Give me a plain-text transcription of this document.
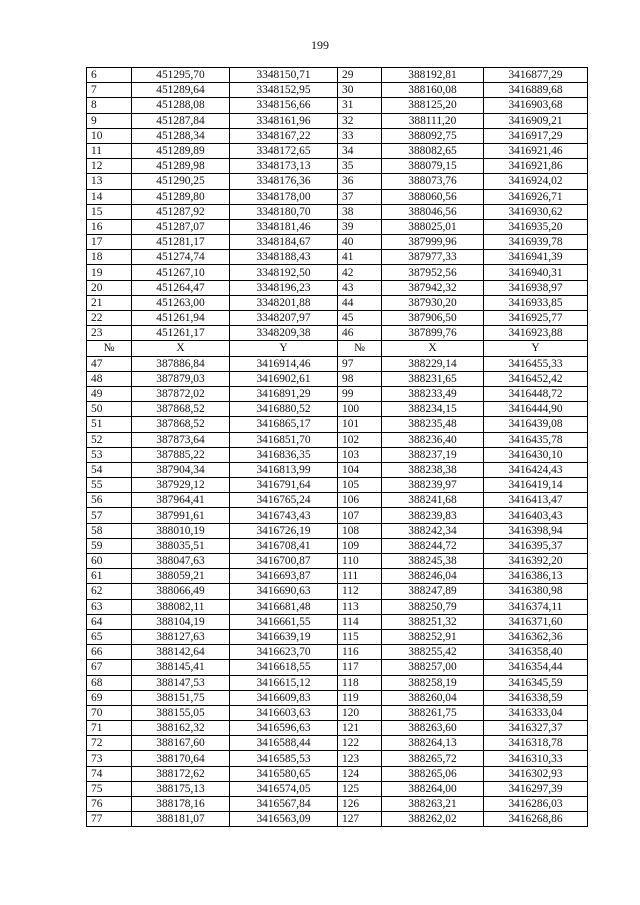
199
6	451295,70	3348150,71	29	388192,81	3416877,29
7	451289,64	3348152,95	30	388160,08	3416889,68
8	451288,08	3348156,66	31	388125,20	3416903,68
9	451287,84	3348161,96	32	388111,20	3416909,21
10	451288,34	3348167,22	33	388092,75	3416917,29
11	451289,89	3348172,65	34	388082,65	3416921,46
12	451289,98	3348173,13	35	388079,15	3416921,86
13	451290,25	3348176,36	36	388073,76	3416924,02
14	451289,80	3348178,00	37	388060,56	3416926,71
15	451287,92	3348180,70	38	388046,56	3416930,62
16	451287,07	3348181,46	39	388025,01	3416935,20
17	451281,17	3348184,67	40	387999,96	3416939,78
18	451274,74	3348188,43	41	387977,33	3416941,39
19	451267,10	3348192,50	42	387952,56	3416940,31
20	451264,47	3348196,23	43	387942,32	3416938,97
21	451263,00	3348201,88	44	387930,20	3416933,85
22	451261,94	3348207,97	45	387906,50	3416925,77
23	451261,17	3348209,38	46	387899,76	3416923,88
№	X	Y	№	X	Y
47	387886,84	3416914,46	97	388229,14	3416455,33
48	387879,03	3416902,61	98	388231,65	3416452,42
49	387872,02	3416891,29	99	388233,49	3416448,72
50	387868,52	3416880,52	100	388234,15	3416444,90
51	387868,52	3416865,17	101	388235,48	3416439,08
52	387873,64	3416851,70	102	388236,40	3416435,78
53	387885,22	3416836,35	103	388237,19	3416430,10
54	387904,34	3416813,99	104	388238,38	3416424,43
55	387929,12	3416791,64	105	388239,97	3416419,14
56	387964,41	3416765,24	106	388241,68	3416413,47
57	387991,61	3416743,43	107	388239,83	3416403,43
58	388010,19	3416726,19	108	388242,34	3416398,94
59	388035,51	3416708,41	109	388244,72	3416395,37
60	388047,63	3416700,87	110	388245,38	3416392,20
61	388059,21	3416693,87	111	388246,04	3416386,13
62	388066,49	3416690,63	112	388247,89	3416380,98
63	388082,11	3416681,48	113	388250,79	3416374,11
64	388104,19	3416661,55	114	388251,32	3416371,60
65	388127,63	3416639,19	115	388252,91	3416362,36
66	388142,64	3416623,70	116	388255,42	3416358,40
67	388145,41	3416618,55	117	388257,00	3416354,44
68	388147,53	3416615,12	118	388258,19	3416345,59
69	388151,75	3416609,83	119	388260,04	3416338,59
70	388155,05	3416603,63	120	388261,75	3416333,04
71	388162,32	3416596,63	121	388263,60	3416327,37
72	388167,60	3416588,44	122	388264,13	3416318,78
73	388170,64	3416585,53	123	388265,72	3416310,33
74	388172,62	3416580,65	124	388265,06	3416302,93
75	388175,13	3416574,05	125	388264,00	3416297,39
76	388178,16	3416567,84	126	388263,21	3416286,03
77	388181,07	3416563,09	127	388262,02	3416268,86
